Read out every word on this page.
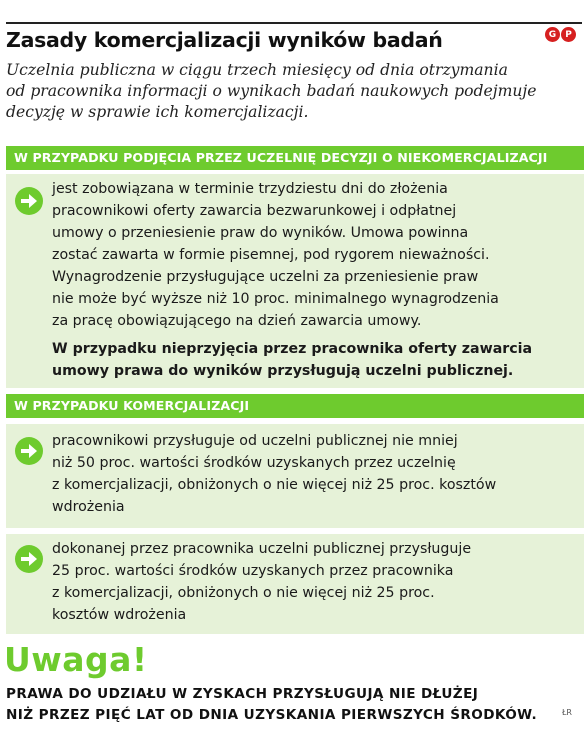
Zasady komercjalizacji wyników badań	G	P
Uczelnia publiczna w ciągu trzech miesięcy od dnia otrzymania
od pracownika informacji o wynikach badań naukowych podejmuje
decyzję w sprawie ich komercjalizacji.
W PRZYPADKU PODJĘCIA PRZEZ UCZELNIĘ DECYZJI O NIEKOMERCJALIZACJI
jest zobowiązana w terminie trzydziestu dni do złożenia
pracownikowi oferty zawarcia bezwarunkowej i odpłatnej
umowy o przeniesienie praw do wyników. Umowa powinna
zostać zawarta w formie pisemnej, pod rygorem nieważności.
Wynagrodzenie przysługujące uczelni za przeniesienie praw
nie może być wyższe niż 10 proc. minimalnego wynagrodzenia
za pracę obowiązującego na dzień zawarcia umowy.
W przypadku nieprzyjęcia przez pracownika oferty zawarcia
umowy prawa do wyników przysługują uczelni publicznej.
W PRZYPADKU KOMERCJALIZACJI
pracownikowi przysługuje od uczelni publicznej nie mniej
niż 50 proc. wartości środków uzyskanych przez uczelnię
z komercjalizacji, obniżonych o nie więcej niż 25 proc. kosztów
wdrożenia
dokonanej przez pracownika uczelni publicznej przysługuje
25 proc. wartości środków uzyskanych przez pracownika
z komercjalizacji, obniżonych o nie więcej niż 25 proc.
kosztów wdrożenia
Uwaga!
PRAWA DO UDZIAŁU W ZYSKACH PRZYSŁUGUJĄ NIE DŁUŻEJ
NIŻ PRZEZ PIĘĆ LAT OD DNIA UZYSKANIA PIERWSZYCH ŚRODKÓW.	ŁR
